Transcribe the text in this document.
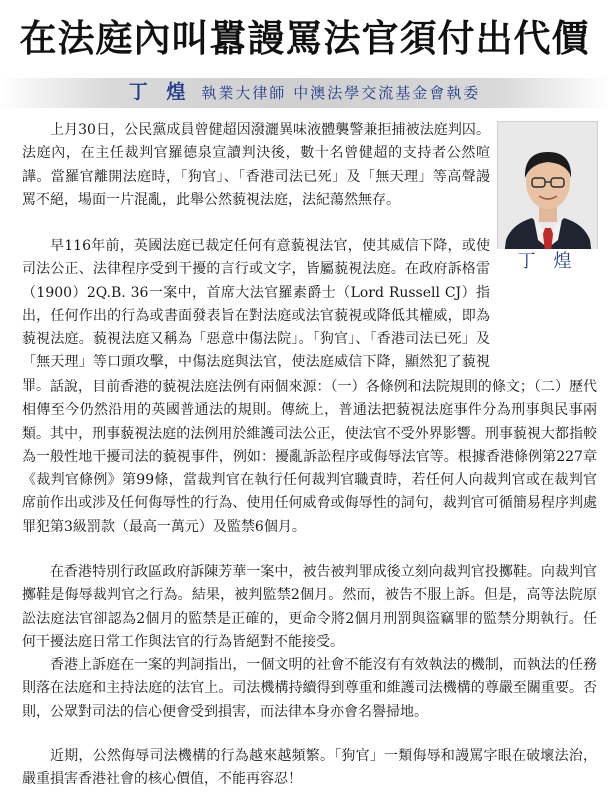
在法庭內叫囂謾罵法官須付出代價
丁 煌 執業大律師 中澳法學交流基金會執委
丁 煌

上月30日，公民黨成員曾健超因潑灑異味液體襲警兼拒捕被法庭判囚。法庭內，在主任裁判官羅德泉宣讀判決後，數十名曾健超的支持者公然喧譁。當羅官離開法庭時，「狗官」、「香港司法已死」及「無天理」等高聲謾罵不絕，場面一片混亂，此舉公然藐視法庭，法紀蕩然無存。

早116年前，英國法庭已裁定任何有意藐視法官，使其威信下降，或使司法公正、法律程序受到干擾的言行或文字，皆屬藐視法庭。在政府訴格雷（1900）2Q.B. 36一案中，首席大法官羅素爵士（Lord Russell CJ）指出，任何作出的行為或書面發表旨在對法庭或法官藐視或降低其權威，即為藐視法庭。藐視法庭又稱為「惡意中傷法院」。「狗官」、「香港司法已死」及「無天理」等口頭攻擊，中傷法庭與法官，使法庭威信下降，顯然犯了藐視罪。 話說，目前香港的藐視法庭法例有兩個來源：（一）各條例和法院規則的條文；（二）歷代相傳至今仍然沿用的英國普通法的規則。傳統上，普通法把藐視法庭事件分為刑事與民事兩類。其中，刑事藐視法庭的法例用於維護司法公正，使法官不受外界影響。刑事藐視大都指較為一般性地干擾司法的藐視事件，例如：擾亂訴訟程序或侮辱法官等。根據香港條例第227章《裁判官條例》第99條，當裁判官在執行任何裁判官職責時，若任何人向裁判官或在裁判官席前作出或涉及任何侮辱性的行為、使用任何威脅或侮辱性的詞句，裁判官可循簡易程序判處罪犯第3級罰款（最高一萬元）及監禁6個月。

在香港特別行政區政府訴陳芳華一案中，被告被判罪成後立刻向裁判官投擲鞋。向裁判官擲鞋是侮辱裁判官之行為。結果，被判監禁2個月。然而，被告不服上訴。但是，高等法院原訟法庭法官卻認為2個月的監禁是正確的，更命令將2個月刑罰與盜竊罪的監禁分期執行。任何干擾法庭日常工作與法官的行為皆絕對不能接受。

香港上訴庭在一案的判詞指出，一個文明的社會不能沒有有效執法的機制，而執法的任務則落在法庭和主持法庭的法官上。司法機構持續得到尊重和維護司法機構的尊嚴至關重要。否則，公眾對司法的信心便會受到損害，而法律本身亦會名譽掃地。

近期，公然侮辱司法機構的行為越來越頻繁。「狗官」一類侮辱和謾罵字眼在破壞法治，嚴重損害香港社會的核心價值，不能再容忍！
